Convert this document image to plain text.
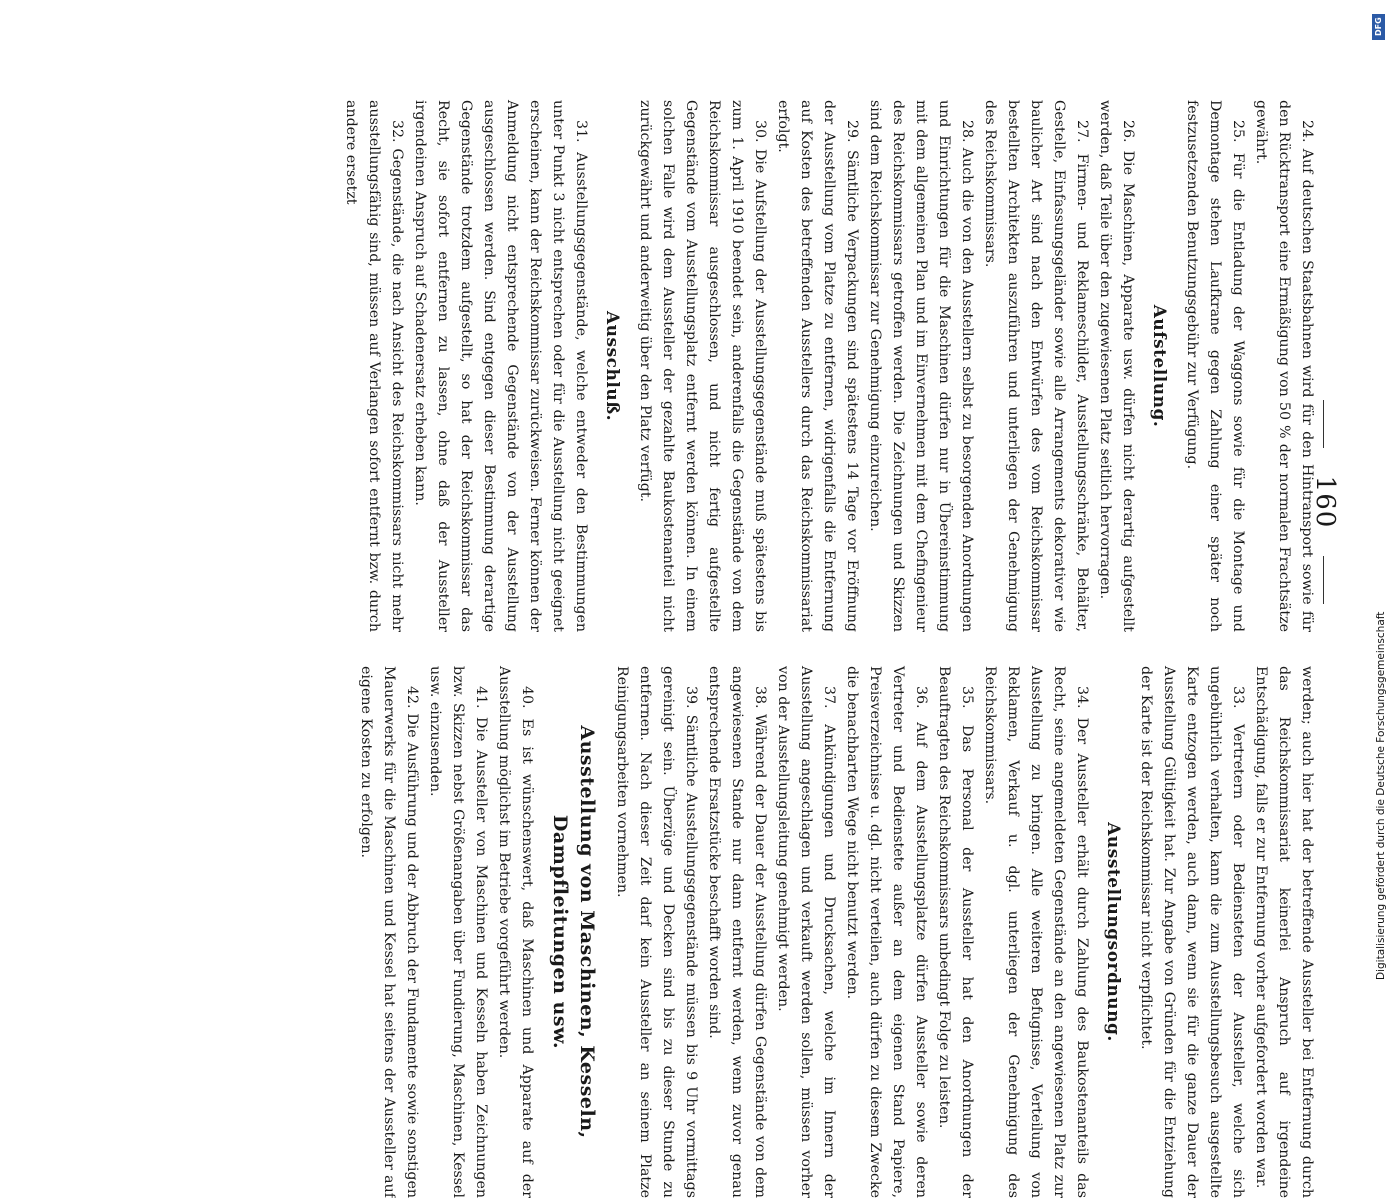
160

24. Auf deutschen Staatsbahnen wird für den Hintransport sowie für den Rücktransport eine Ermäßigung von 50 % der normalen Frachtsätze gewährt.

25. Für die Entladung der Waggons sowie für die Montage und Demontage stehen Laufkrane gegen Zahlung einer später noch festzusetzenden Benutzungsgebühr zur Verfügung.

Aufstellung.

26. Die Maschinen, Apparate usw. dürfen nicht derartig aufgestellt werden, daß Teile über den zugewiesenen Platz seitlich hervorragen.

27. Firmen- und Reklameschilder, Ausstellungsschränke, Behälter, Gestelle, Einfassungsgeländer sowie alle Arrangements dekorativer wie baulicher Art sind nach den Entwürfen des vom Reichskommissar bestellten Architekten auszuführen und unterliegen der Genehmigung des Reichskommissars.

28. Auch die von den Ausstellern selbst zu besorgenden Anordnungen und Einrichtungen für die Maschinen dürfen nur in Übereinstimmung mit dem allgemeinen Plan und im Einvernehmen mit dem Chefingenieur des Reichskommissars getroffen werden. Die Zeichnungen und Skizzen sind dem Reichskommissar zur Genehmigung einzureichen.

29. Sämtliche Verpackungen sind spätestens 14 Tage vor Eröffnung der Ausstellung vom Platze zu entfernen, widrigenfalls die Entfernung auf Kosten des betreffenden Ausstellers durch das Reichskommissariat erfolgt.

30. Die Aufstellung der Ausstellungsgegenstände muß spätestens bis zum 1. April 1910 beendet sein, anderenfalls die Gegenstände von dem Reichskommissar ausgeschlossen, und nicht fertig aufgestellte Gegenstände vom Ausstellungsplatz entfernt werden können. In einem solchen Falle wird dem Aussteller der gezahlte Baukostenanteil nicht zurückgewährt und anderweitig über den Platz verfügt.

Ausschluß.

31. Ausstellungsgegenstände, welche entweder den Bestimmungen unter Punkt 3 nicht entsprechen oder für die Ausstellung nicht geeignet erscheinen, kann der Reichskommissar zurückweisen. Ferner können der Anmeldung nicht entsprechende Gegenstände von der Ausstellung ausgeschlossen werden. Sind entgegen dieser Bestimmung derartige Gegenstände trotzdem aufgestellt, so hat der Reichskommissar das Recht, sie sofort entfernen zu lassen, ohne daß der Aussteller irgendeinen Anspruch auf Schadenersatz erheben kann.

32. Gegenstände, die nach Ansicht des Reichskommissars nicht mehr ausstellungsfähig sind, müssen auf Verlangen sofort entfernt bzw. durch andere ersetzt

werden; auch hier hat der betreffende Aussteller bei Entfernung durch das Reichskommissariat keinerlei Anspruch auf irgendeine Entschädigung, falls er zur Entfernung vorher aufgefordert worden war.

33. Vertretern oder Bediensteten der Aussteller, welche sich ungebührlich verhalten, kann die zum Ausstellungsbesuch ausgestellte Karte entzogen werden, auch dann, wenn sie für die ganze Dauer der Ausstellung Gültigkeit hat. Zur Angabe von Gründen für die Entziehung der Karte ist der Reichskommissar nicht verpflichtet.

Ausstellungsordnung.

34. Der Aussteller erhält durch Zahlung des Baukostenanteils das Recht, seine angemeldeten Gegenstände an den angewiesenen Platz zur Ausstellung zu bringen. Alle weiteren Befugnisse, Verteilung von Reklamen, Verkauf u. dgl. unterliegen der Genehmigung des Reichskommissars.

35. Das Personal der Aussteller hat den Anordnungen der Beauftragten des Reichskommissars unbedingt Folge zu leisten.

36. Auf dem Ausstellungsplatze dürfen Aussteller sowie deren Vertreter und Bedienstete außer an dem eigenen Stand Papiere, Preisverzeichnisse u. dgl. nicht verteilen, auch dürfen zu diesem Zwecke die benachbarten Wege nicht benutzt werden.

37. Ankündigungen und Drucksachen, welche im Innern der Ausstellung angeschlagen und verkauft werden sollen, müssen vorher von der Ausstellungsleitung genehmigt werden.

38. Während der Dauer der Ausstellung dürfen Gegenstände von dem angewiesenen Stande nur dann entfernt werden, wenn zuvor genau entsprechende Ersatzstücke beschafft worden sind.

39. Sämtliche Ausstellungsgegenstände müssen bis 9 Uhr vormittags gereinigt sein. Überzüge und Decken sind bis zu dieser Stunde zu entfernen. Nach dieser Zeit darf kein Aussteller an seinem Platze Reinigungsarbeiten vornehmen.

Ausstellung von Maschinen, Kesseln, Dampfleitungen usw.

40. Es ist wünschenswert, daß Maschinen und Apparate auf der Ausstellung möglichst im Betriebe vorgeführt werden.

41. Die Aussteller von Maschinen und Kesseln haben Zeichnungen bzw. Skizzen nebst Größenangaben über Fundierung, Maschinen, Kessel usw. einzusenden.

42. Die Ausführung und der Abbruch der Fundamente sowie sonstigen Mauerwerks für die Maschinen und Kessel hat seitens der Aussteller auf eigene Kosten zu erfolgen.

DFG
Digitalisierung gefördert durch die Deutsche Forschungsgemeinschaft
